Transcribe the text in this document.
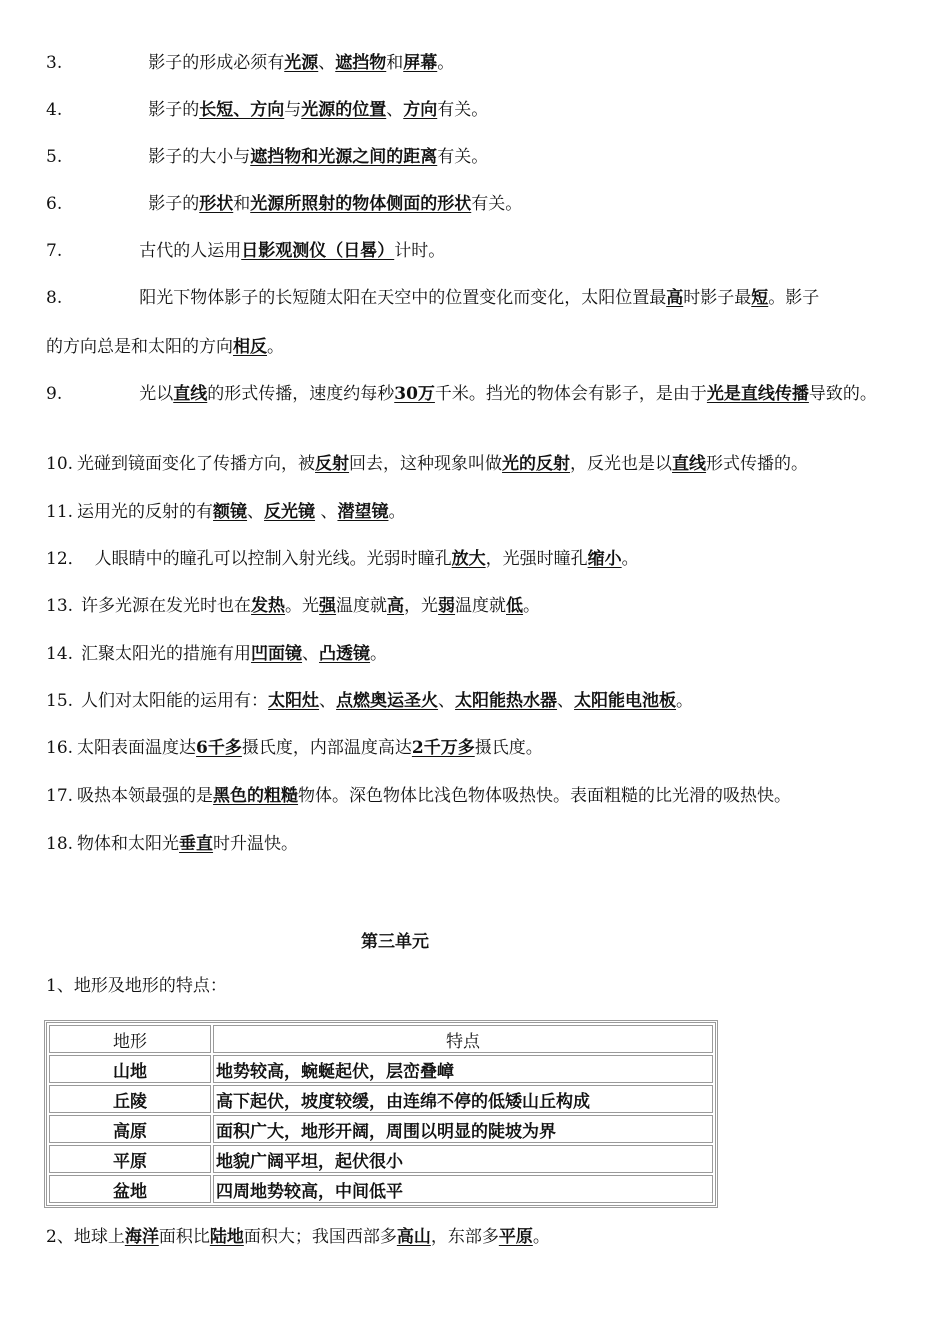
3.	影子的形成必须有光源、遮挡物和屏幕。
4.	影子的长短、方向与光源的位置、方向有关。
5.	影子的大小与遮挡物和光源之间的距离有关。
6.	影子的形状和光源所照射的物体侧面的形状有关。
7.	古代的人运用日影观测仪（日晷）计时。
8.	阳光下物体影子的长短随太阳在天空中的位置变化而变化，太阳位置最高时影子最短。影子
的方向总是和太阳的方向相反。
9.	光以直线的形式传播，速度约每秒30万千米。挡光的物体会有影子，是由于光是直线传播导致的。
10. 光碰到镜面变化了传播方向，被反射回去，这种现象叫做光的反射，反光也是以直线形式传播的。
11. 运用光的反射的有额镜、反光镜 、潜望镜。
12． 人眼睛中的瞳孔可以控制入射光线。光弱时瞳孔放大，光强时瞳孔缩小。
13. 许多光源在发光时也在发热。光强温度就高，光弱温度就低。
14. 汇聚太阳光的措施有用凹面镜、凸透镜。
15. 人们对太阳能的运用有：太阳灶、点燃奥运圣火、太阳能热水器、太阳能电池板。
16. 太阳表面温度达6千多摄氏度，内部温度高达2千万多摄氏度。
17. 吸热本领最强的是黑色的粗糙物体。深色物体比浅色物体吸热快。表面粗糙的比光滑的吸热快。
18. 物体和太阳光垂直时升温快。
第三单元
1、地形及地形的特点：
地形	特点
山地	地势较高，蜿蜒起伏，层峦叠嶂
丘陵	高下起伏，坡度较缓，由连绵不停的低矮山丘构成
高原	面积广大，地形开阔，周围以明显的陡坡为界
平原	地貌广阔平坦，起伏很小
盆地	四周地势较高，中间低平
2、地球上海洋面积比陆地面积大；我国西部多高山，东部多平原。
